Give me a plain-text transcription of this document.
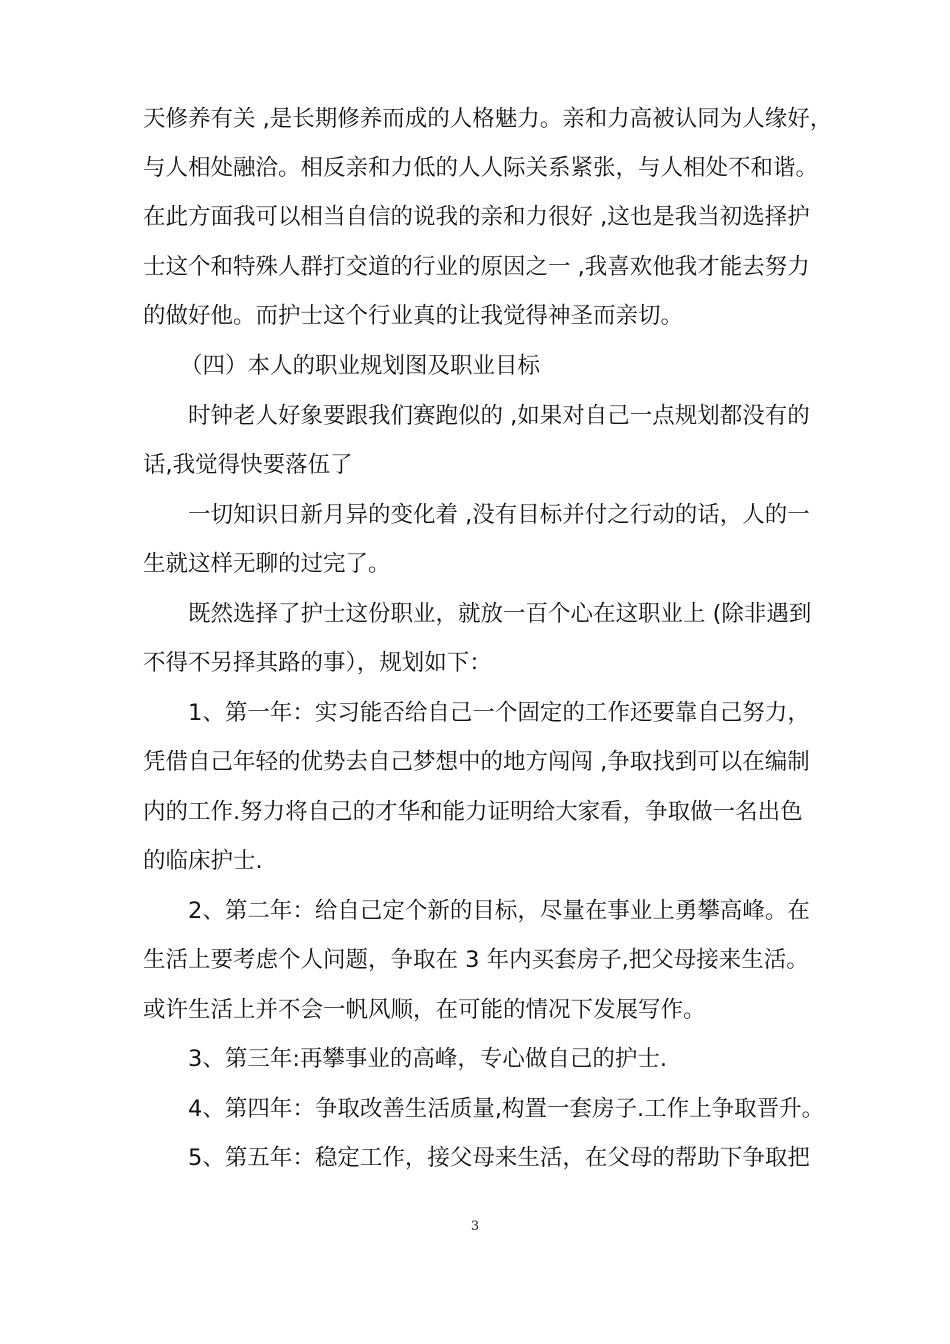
天修养有关 ,是长期修养而成的人格魅力。亲和力高被认同为人缘好，
与人相处融洽。相反亲和力低的人人际关系紧张，与人相处不和谐。
在此方面我可以相当自信的说我的亲和力很好 ,这也是我当初选择护
士这个和特殊人群打交道的行业的原因之一 ,我喜欢他我才能去努力
的做好他。而护士这个行业真的让我觉得神圣而亲切。
（四）本人的职业规划图及职业目标
时钟老人好象要跟我们赛跑似的 ,如果对自己一点规划都没有的
话,我觉得快要落伍了
一切知识日新月异的变化着 ,没有目标并付之行动的话，人的一
生就这样无聊的过完了。
既然选择了护士这份职业，就放一百个心在这职业上 (除非遇到
不得不另择其路的事），规划如下：
1、第一年：实习能否给自己一个固定的工作还要靠自己努力，
凭借自己年轻的优势去自己梦想中的地方闯闯 ,争取找到可以在编制
内的工作.努力将自己的才华和能力证明给大家看，争取做一名出色
的临床护士.
2、第二年：给自己定个新的目标，尽量在事业上勇攀高峰。在
生活上要考虑个人问题，争取在 3 年内买套房子,把父母接来生活。
或许生活上并不会一帆风顺，在可能的情况下发展写作。
3、第三年:再攀事业的高峰，专心做自己的护士.
4、第四年：争取改善生活质量,构置一套房子.工作上争取晋升。
5、第五年：稳定工作，接父母来生活，在父母的帮助下争取把
3
